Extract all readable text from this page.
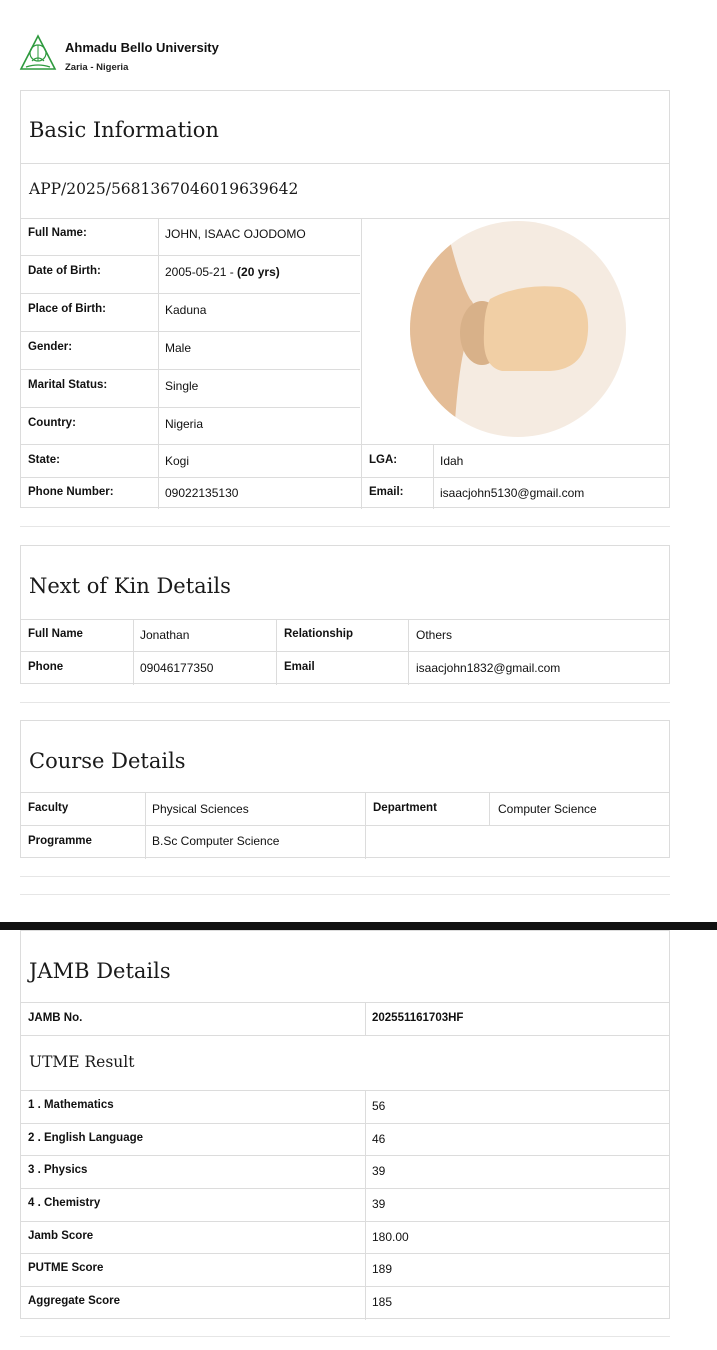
Ahmadu Bello University
Zaria - Nigeria
Basic Information
APP/2025/5681367046019639642
Full Name:	JOHN, ISAAC OJODOMO
Date of Birth:	2005-05-21 - (20 yrs)
Place of Birth:	Kaduna
Gender:	Male
Marital Status:	Single
Country:	Nigeria
State:	Kogi	LGA:	Idah
Phone Number:	09022135130	Email:	isaacjohn5130@gmail.com
Next of Kin Details
Full Name	Jonathan	Relationship	Others
Phone	09046177350	Email	isaacjohn1832@gmail.com
Course Details
Faculty	Physical Sciences	Department	Computer Science
Programme	B.Sc Computer Science
JAMB Details
JAMB No.	202551161703HF
UTME Result
1 . Mathematics	56
2 . English Language	46
3 . Physics	39
4 . Chemistry	39
Jamb Score	180.00
PUTME Score	189
Aggregate Score	185
